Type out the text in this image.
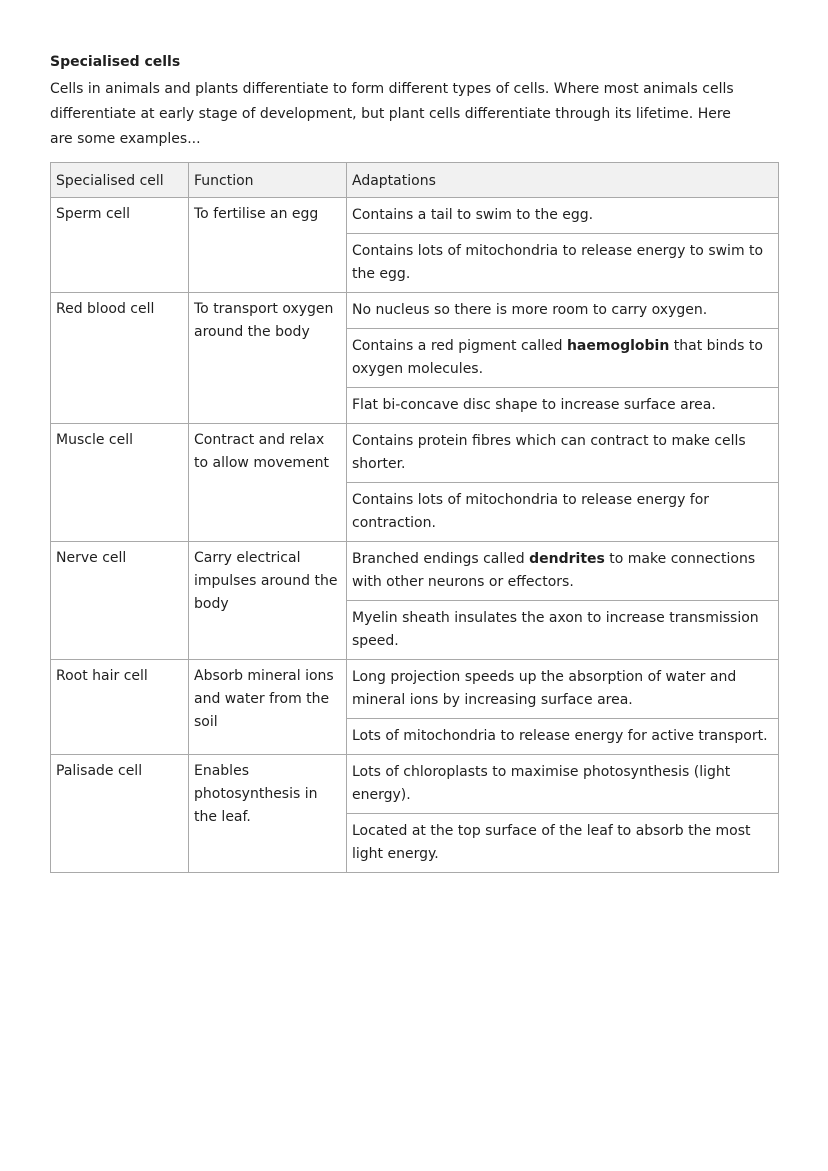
Specialised cells
Cells in animals and plants differentiate to form different types of cells. Where most animals cells differentiate at early stage of development, but plant cells differentiate through its lifetime. Here are some examples...
Specialised cell	Function	Adaptations
Sperm cell	To fertilise an egg	Contains a tail to swim to the egg.
		Contains lots of mitochondria to release energy to swim to the egg.
Red blood cell	To transport oxygen around the body	No nucleus so there is more room to carry oxygen.
		Contains a red pigment called haemoglobin that binds to oxygen molecules.
		Flat bi-concave disc shape to increase surface area.
Muscle cell	Contract and relax to allow movement	Contains protein fibres which can contract to make cells shorter.
		Contains lots of mitochondria to release energy for contraction.
Nerve cell	Carry electrical impulses around the body	Branched endings called dendrites to make connections with other neurons or effectors.
		Myelin sheath insulates the axon to increase transmission speed.
Root hair cell	Absorb mineral ions and water from the soil	Long projection speeds up the absorption of water and mineral ions by increasing surface area.
		Lots of mitochondria to release energy for active transport.
Palisade cell	Enables photosynthesis in the leaf.	Lots of chloroplasts to maximise photosynthesis (light energy).
		Located at the top surface of the leaf to absorb the most light energy.
